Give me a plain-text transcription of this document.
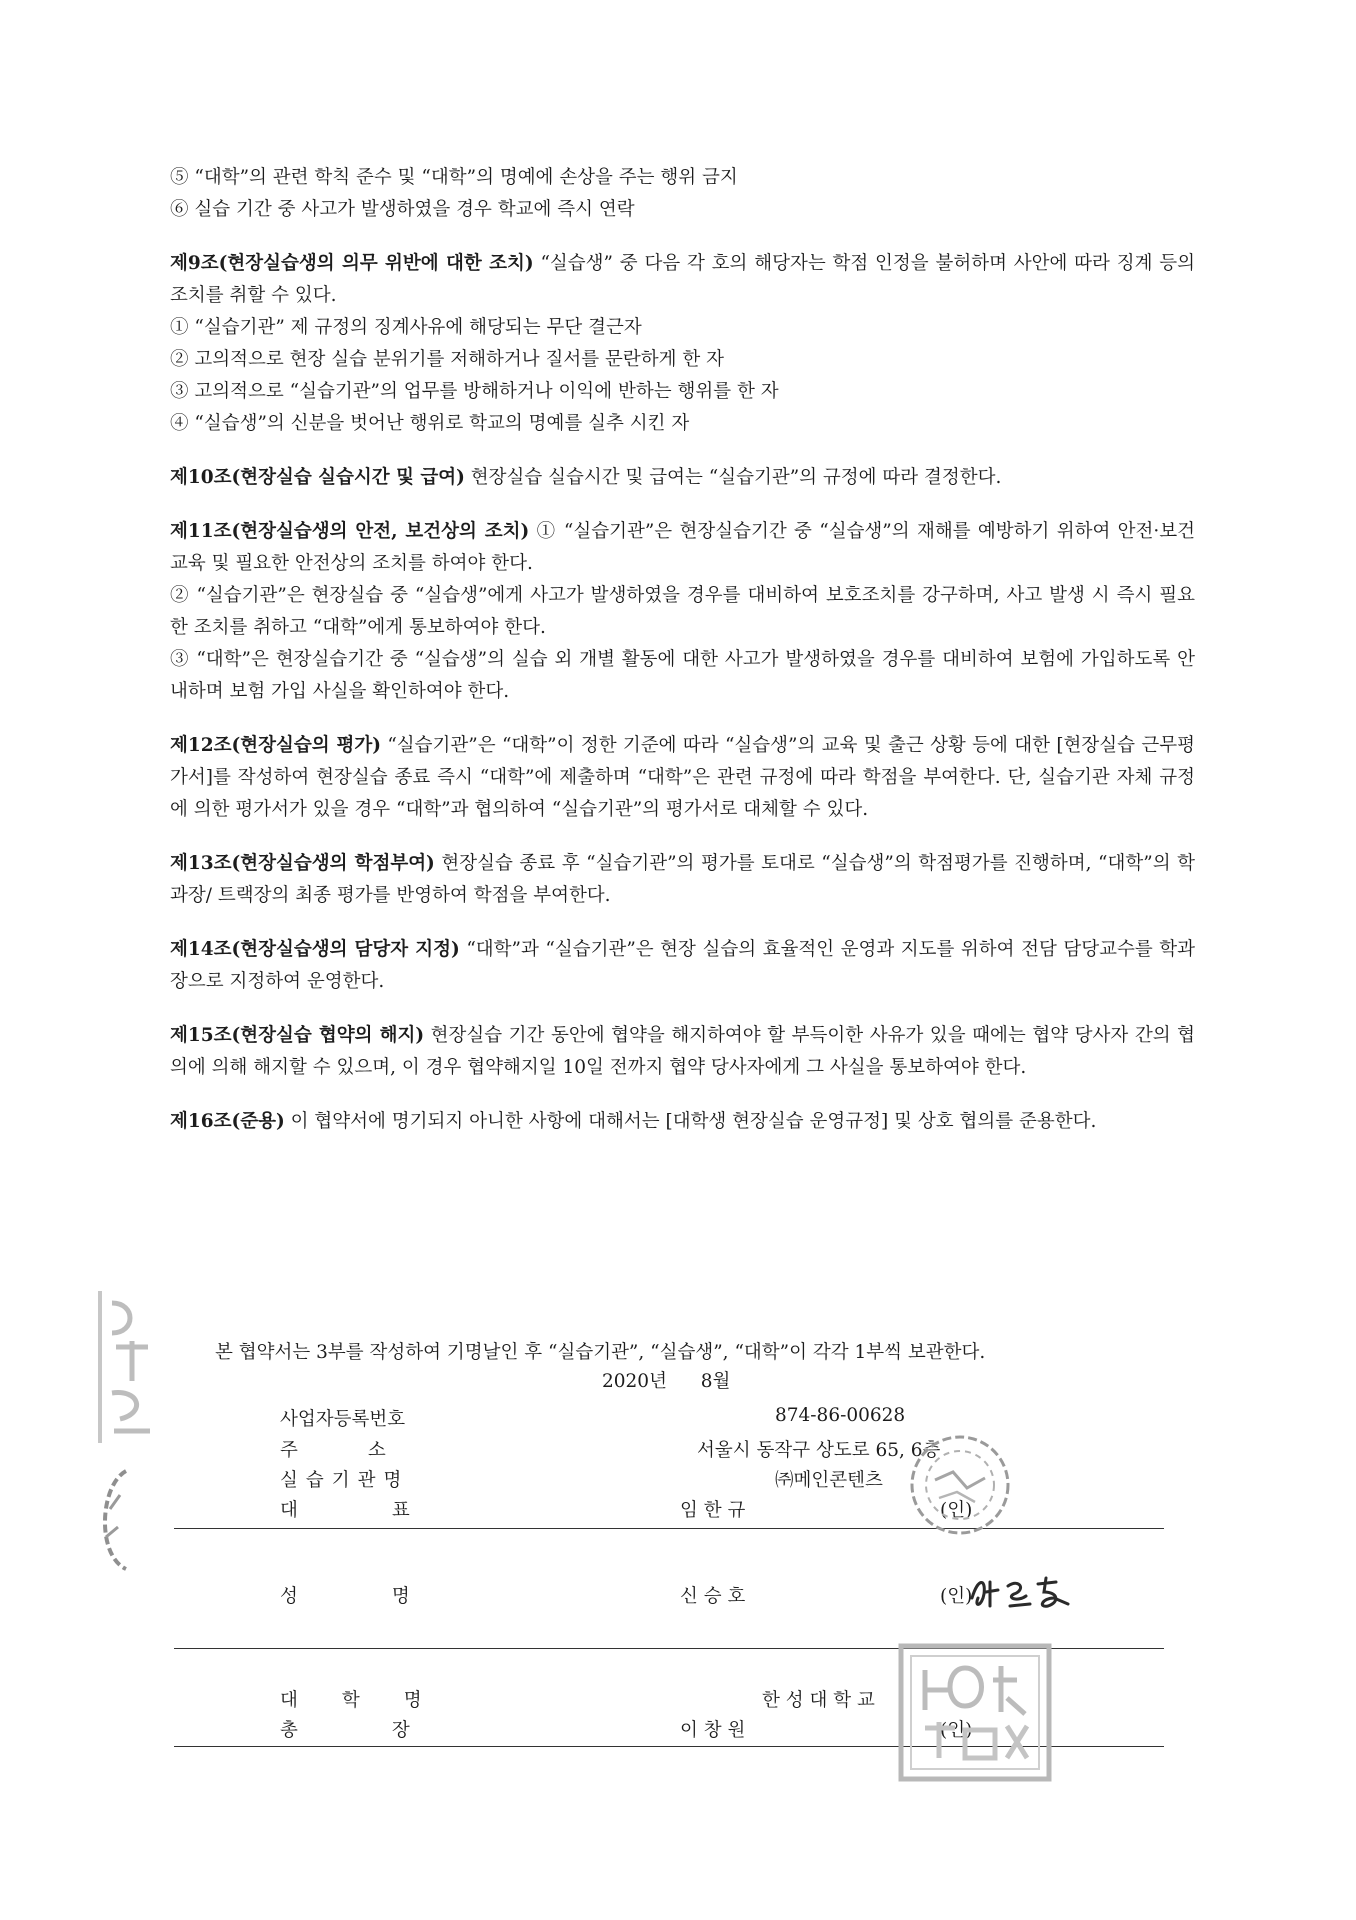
⑤ “대학”의 관련 학칙 준수 및 “대학”의 명예에 손상을 주는 행위 금지
⑥ 실습 기간 중 사고가 발생하였을 경우 학교에 즉시 연락
제9조(현장실습생의 의무 위반에 대한 조치) “실습생” 중 다음 각 호의 해당자는 학점 인정을 불허하며 사안에 따라 징계 등의 조치를 취할 수 있다.
① “실습기관” 제 규정의 징계사유에 해당되는 무단 결근자
② 고의적으로 현장 실습 분위기를 저해하거나 질서를 문란하게 한 자
③ 고의적으로 “실습기관”의 업무를 방해하거나 이익에 반하는 행위를 한 자
④ “실습생”의 신분을 벗어난 행위로 학교의 명예를 실추 시킨 자
제10조(현장실습 실습시간 및 급여) 현장실습 실습시간 및 급여는 “실습기관”의 규정에 따라 결정한다.
제11조(현장실습생의 안전, 보건상의 조치) ① “실습기관”은 현장실습기간 중 “실습생”의 재해를 예방하기 위하여 안전·보건 교육 및 필요한 안전상의 조치를 하여야 한다.
② “실습기관”은 현장실습 중 “실습생”에게 사고가 발생하였을 경우를 대비하여 보호조치를 강구하며, 사고 발생 시 즉시 필요한 조치를 취하고 “대학”에게 통보하여야 한다.
③ “대학”은 현장실습기간 중 “실습생”의 실습 외 개별 활동에 대한 사고가 발생하였을 경우를 대비하여 보험에 가입하도록 안내하며 보험 가입 사실을 확인하여야 한다.
제12조(현장실습의 평가) “실습기관”은 “대학”이 정한 기준에 따라 “실습생”의 교육 및 출근 상황 등에 대한 [현장실습 근무평가서]를 작성하여 현장실습 종료 즉시 “대학”에 제출하며 “대학”은 관련 규정에 따라 학점을 부여한다. 단, 실습기관 자체 규정에 의한 평가서가 있을 경우 “대학”과 협의하여 “실습기관”의 평가서로 대체할 수 있다.
제13조(현장실습생의 학점부여) 현장실습 종료 후 “실습기관”의 평가를 토대로 “실습생”의 학점평가를 진행하며, “대학”의 학과장/ 트랙장의 최종 평가를 반영하여 학점을 부여한다.
제14조(현장실습생의 담당자 지정) “대학”과 “실습기관”은 현장 실습의 효율적인 운영과 지도를 위하여 전담 담당교수를 학과장으로 지정하여 운영한다.
제15조(현장실습 협약의 해지) 현장실습 기간 동안에 협약을 해지하여야 할 부득이한 사유가 있을 때에는 협약 당사자 간의 협의에 의해 해지할 수 있으며, 이 경우 협약해지일 10일 전까지 협약 당사자에게 그 사실을 통보하여야 한다.
제16조(준용) 이 협약서에 명기되지 아니한 사항에 대해서는 [대학생 현장실습 운영규정] 및 상호 협의를 준용한다.
본 협약서는 3부를 작성하여 기명날인 후 “실습기관”, “실습생”, “대학”이 각각 1부씩 보관한다.
2020년 8월
사업자등록번호	874-86-00628
주소	서울시 동작구 상도로 65, 6층
실습기관명	㈜메인콘텐츠
대표	임 한 규	(인)
성명	신 승 호	(인)
대학명	한 성 대 학 교
총장	이 창 원	(인)
